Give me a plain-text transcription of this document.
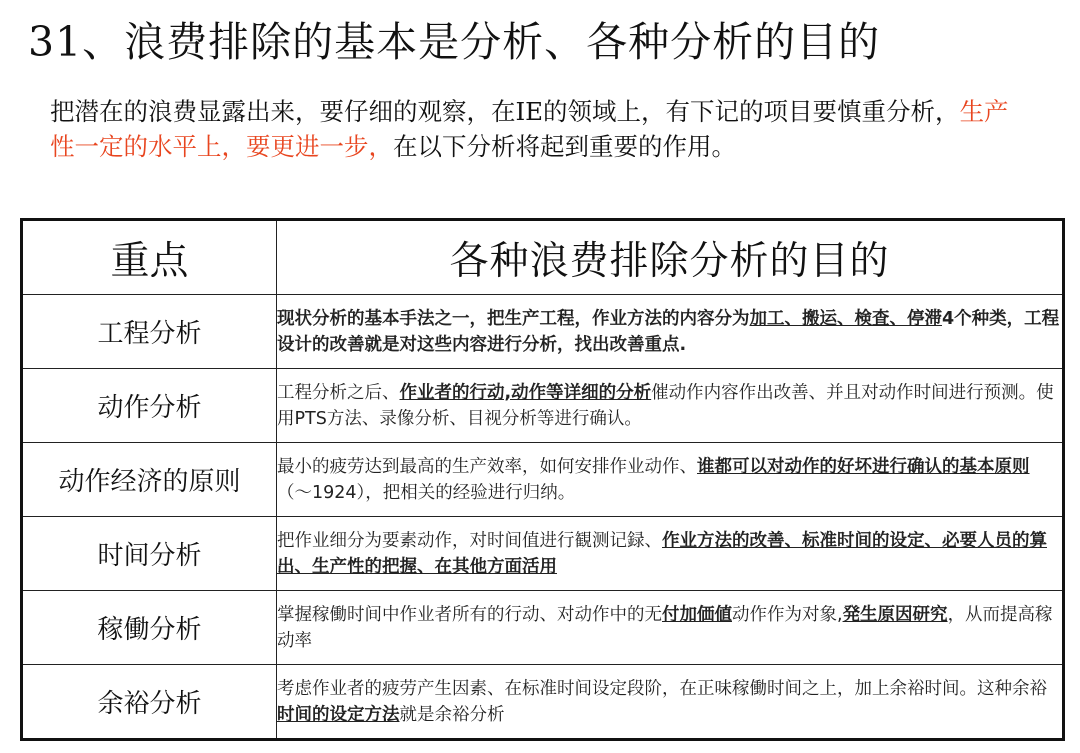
31、浪费排除的基本是分析、各种分析的目的
把潜在的浪费显露出来，要仔细的观察，在IE的领域上，有下记的项目要慎重分析，生产性一定的水平上，要更进一步，在以下分析将起到重要的作用。
重点	各种浪费排除分析的目的
工程分析	现状分析的基本手法之一，把生产工程，作业方法的内容分为加工、搬运、検査、停滞4个种类，工程设计的改善就是对这些内容进行分析，找出改善重点.
动作分析	工程分析之后、作业者的行动,动作等详细的分析催动作内容作出改善、并且对动作时间进行预测。使用PTS方法、录像分析、目视分析等进行确认。
动作经济的原则	最小的疲劳达到最高的生产效率，如何安排作业动作、谁都可以对动作的好坏进行确认的基本原则（～1924），把相关的经验进行归纳。
时间分析	把作业细分为要素动作，对时间值进行観测记録、作业方法的改善、标准时间的设定、必要人员的算出、生产性的把握、在其他方面活用
稼働分析	掌握稼働时间中作业者所有的行动、对动作中的无付加価値动作作为对象,発生原因研究，从而提高稼动率
余裕分析	考虑作业者的疲劳产生因素、在标准时间设定段阶，在正味稼働时间之上，加上余裕时间。这种余裕时间的设定方法就是余裕分析
